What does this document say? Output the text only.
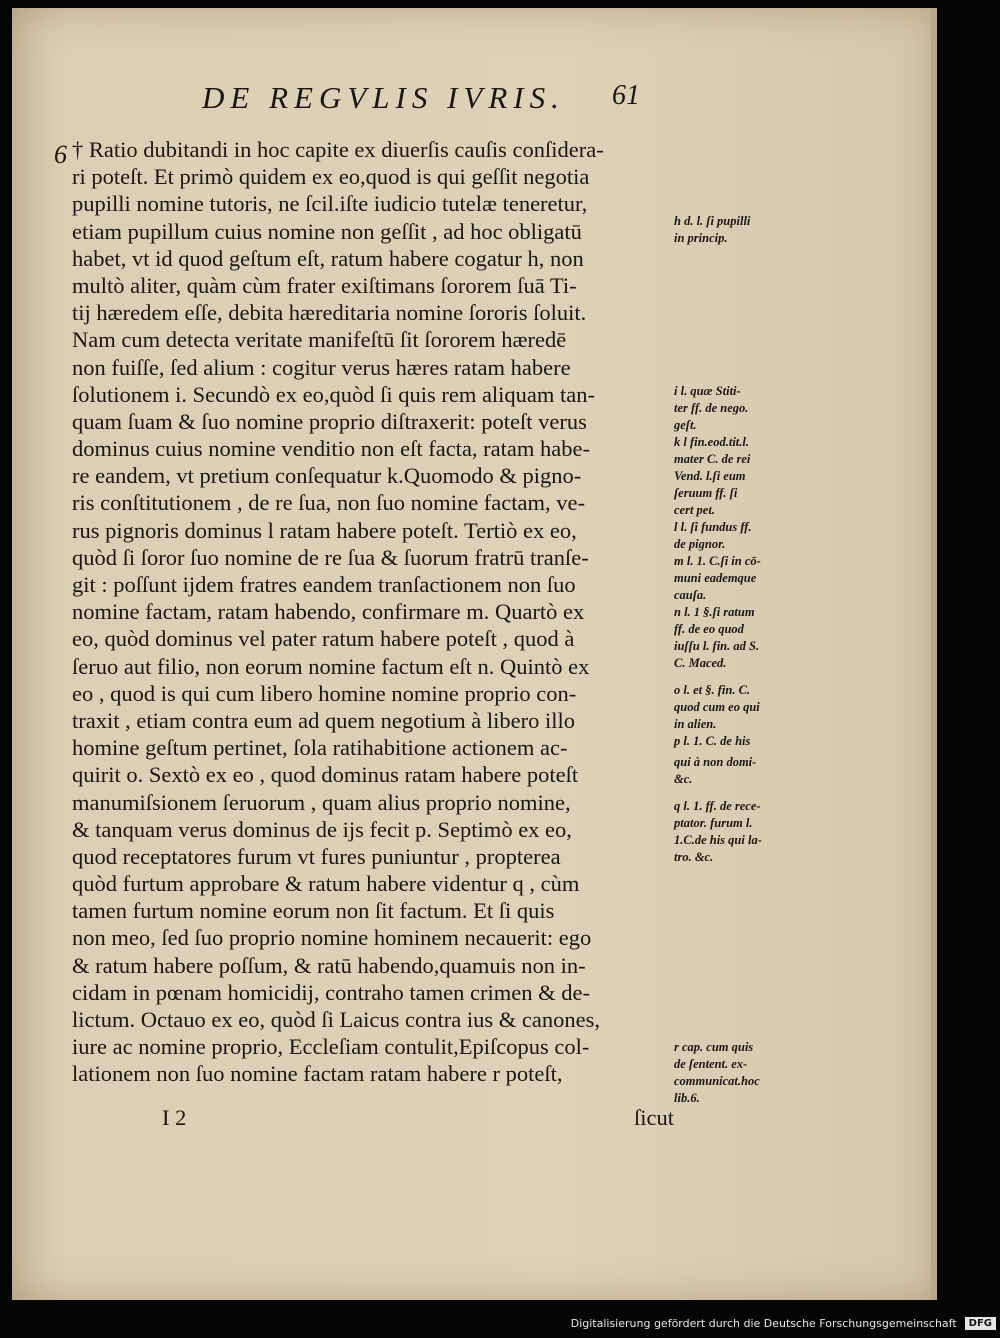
DE REGVLIS IVRIS. 61
6 † Ratio dubitandi in hoc capite ex diuerſis cauſis conſidera-
ri poteſt. Et primò quidem ex eo,quod is qui geſſit negotia
pupilli nomine tutoris, ne ſcil.iſte iudicio tutelæ teneretur,
etiam pupillum cuius nomine non geſſit , ad hoc obligatū
habet, vt id quod geſtum eſt, ratum habere cogatur h, non
multò aliter, quàm cùm frater exiſtimans ſororem ſuā Ti-
tij hæredem eſſe, debita hæreditaria nomine ſororis ſoluit.
Nam cum detecta veritate manifeſtū ſit ſororem hæredē
non fuiſſe, ſed alium : cogitur verus hæres ratam habere
ſolutionem i. Secundò ex eo,quòd ſi quis rem aliquam tan-
quam ſuam & ſuo nomine proprio diſtraxerit: poteſt verus
dominus cuius nomine venditio non eſt facta, ratam habe-
re eandem, vt pretium conſequatur k.Quomodo & pigno-
ris conſtitutionem , de re ſua, non ſuo nomine factam, ve-
rus pignoris dominus l ratam habere poteſt. Tertiò ex eo,
quòd ſi ſoror ſuo nomine de re ſua & ſuorum fratrū tranſe-
git : poſſunt ijdem fratres eandem tranſactionem non ſuo
nomine factam, ratam habendo, confirmare m. Quartò ex
eo, quòd dominus vel pater ratum habere poteſt , quod à
ſeruo aut filio, non eorum nomine factum eſt n. Quintò ex
eo , quod is qui cum libero homine nomine proprio con-
traxit , etiam contra eum ad quem negotium à libero illo
homine geſtum pertinet, ſola ratihabitione actionem ac-
quirit o. Sextò ex eo , quod dominus ratam habere poteſt
manumiſsionem ſeruorum , quam alius proprio nomine,
& tanquam verus dominus de ijs fecit p. Septimò ex eo,
quod receptatores furum vt fures puniuntur , propterea
quòd furtum approbare & ratum habere videntur q , cùm
tamen furtum nomine eorum non ſit factum. Et ſi quis
non meo, ſed ſuo proprio nomine hominem necauerit: ego
& ratum habere poſſum, & ratū habendo,quamuis non in-
cidam in pœnam homicidij, contraho tamen crimen & de-
lictum. Octauo ex eo, quòd ſi Laicus contra ius & canones,
iure ac nomine proprio, Eccleſiam contulit,Epiſcopus col-
lationem non ſuo nomine factam ratam habere r poteſt,
h d. l. ſi pupilli
in princip.
i l. quæ Stiti-
ter ff. de nego.
geſt.
k l fin.eod.tit.l.
mater C. de rei
Vend. l.ſi eum
ſeruum ff. ſi
cert pet.
l l. ſi fundus ff.
de pignor.
m l. 1. C.ſi in cō-
muni eademque
cauſa.
n l. 1 §.ſi ratum
ff. de eo quod
iuſſu l. fin. ad S.
C. Maced.
o l. et §. fin. C.
quod cum eo qui
in alien.
p l. 1. C. de his
qui à non domi-
&c.
q l. 1. ff. de rece-
ptator. furum l.
1.C.de his qui la-
tro. &c.
r cap. cum quis
de ſentent. ex-
communicat.hoc
lib.6.
I 2	ſicut
Digitalisierung gefördert durch die Deutsche Forschungsgemeinschaft	DFG
